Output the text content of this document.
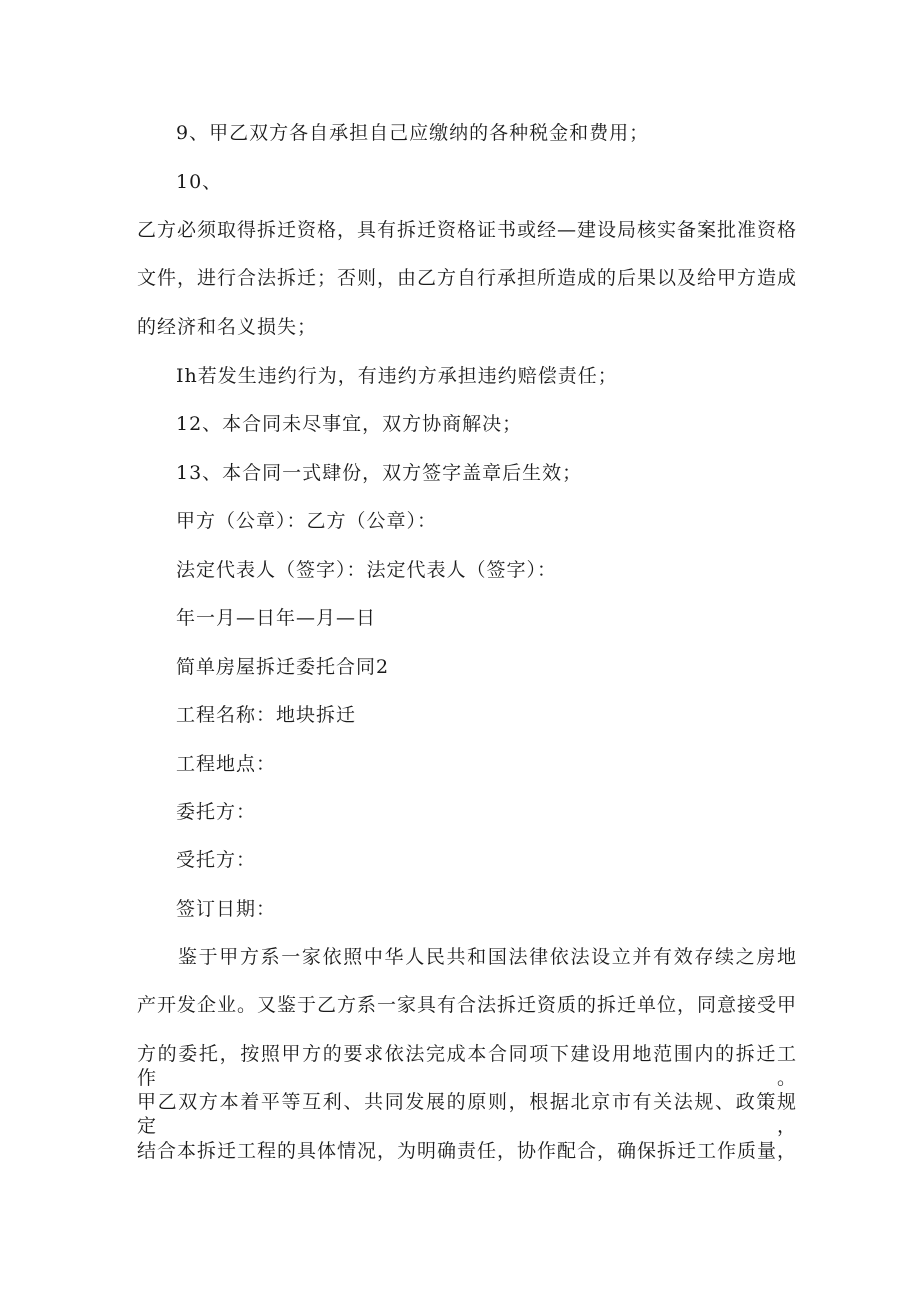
9、甲乙双方各自承担自己应缴纳的各种税金和费用；
10、
乙方必须取得拆迁资格，具有拆迁资格证书或经—建设局核实备案批准资格
文件，进行合法拆迁；否则，由乙方自行承担所造成的后果以及给甲方造成
的经济和名义损失；
Ih若发生违约行为，有违约方承担违约赔偿责任；
12、本合同未尽事宜，双方协商解决；
13、本合同一式肆份，双方签字盖章后生效；
甲方（公章）：乙方（公章）：
法定代表人（签字）：法定代表人（签字）：
年一月—日年—月—日
简单房屋拆迁委托合同2
工程名称：地块拆迁
工程地点：
委托方：
受托方：
签订日期：
鉴于甲方系一家依照中华人民共和国法律依法设立并有效存续之房地
产开发企业。又鉴于乙方系一家具有合法拆迁资质的拆迁单位，同意接受甲
方的委托，按照甲方的要求依法完成本合同项下建设用地范围内的拆迁工作。
甲乙双方本着平等互利、共同发展的原则，根据北京市有关法规、政策规定，
结合本拆迁工程的具体情况，为明确责任，协作配合，确保拆迁工作质量，
